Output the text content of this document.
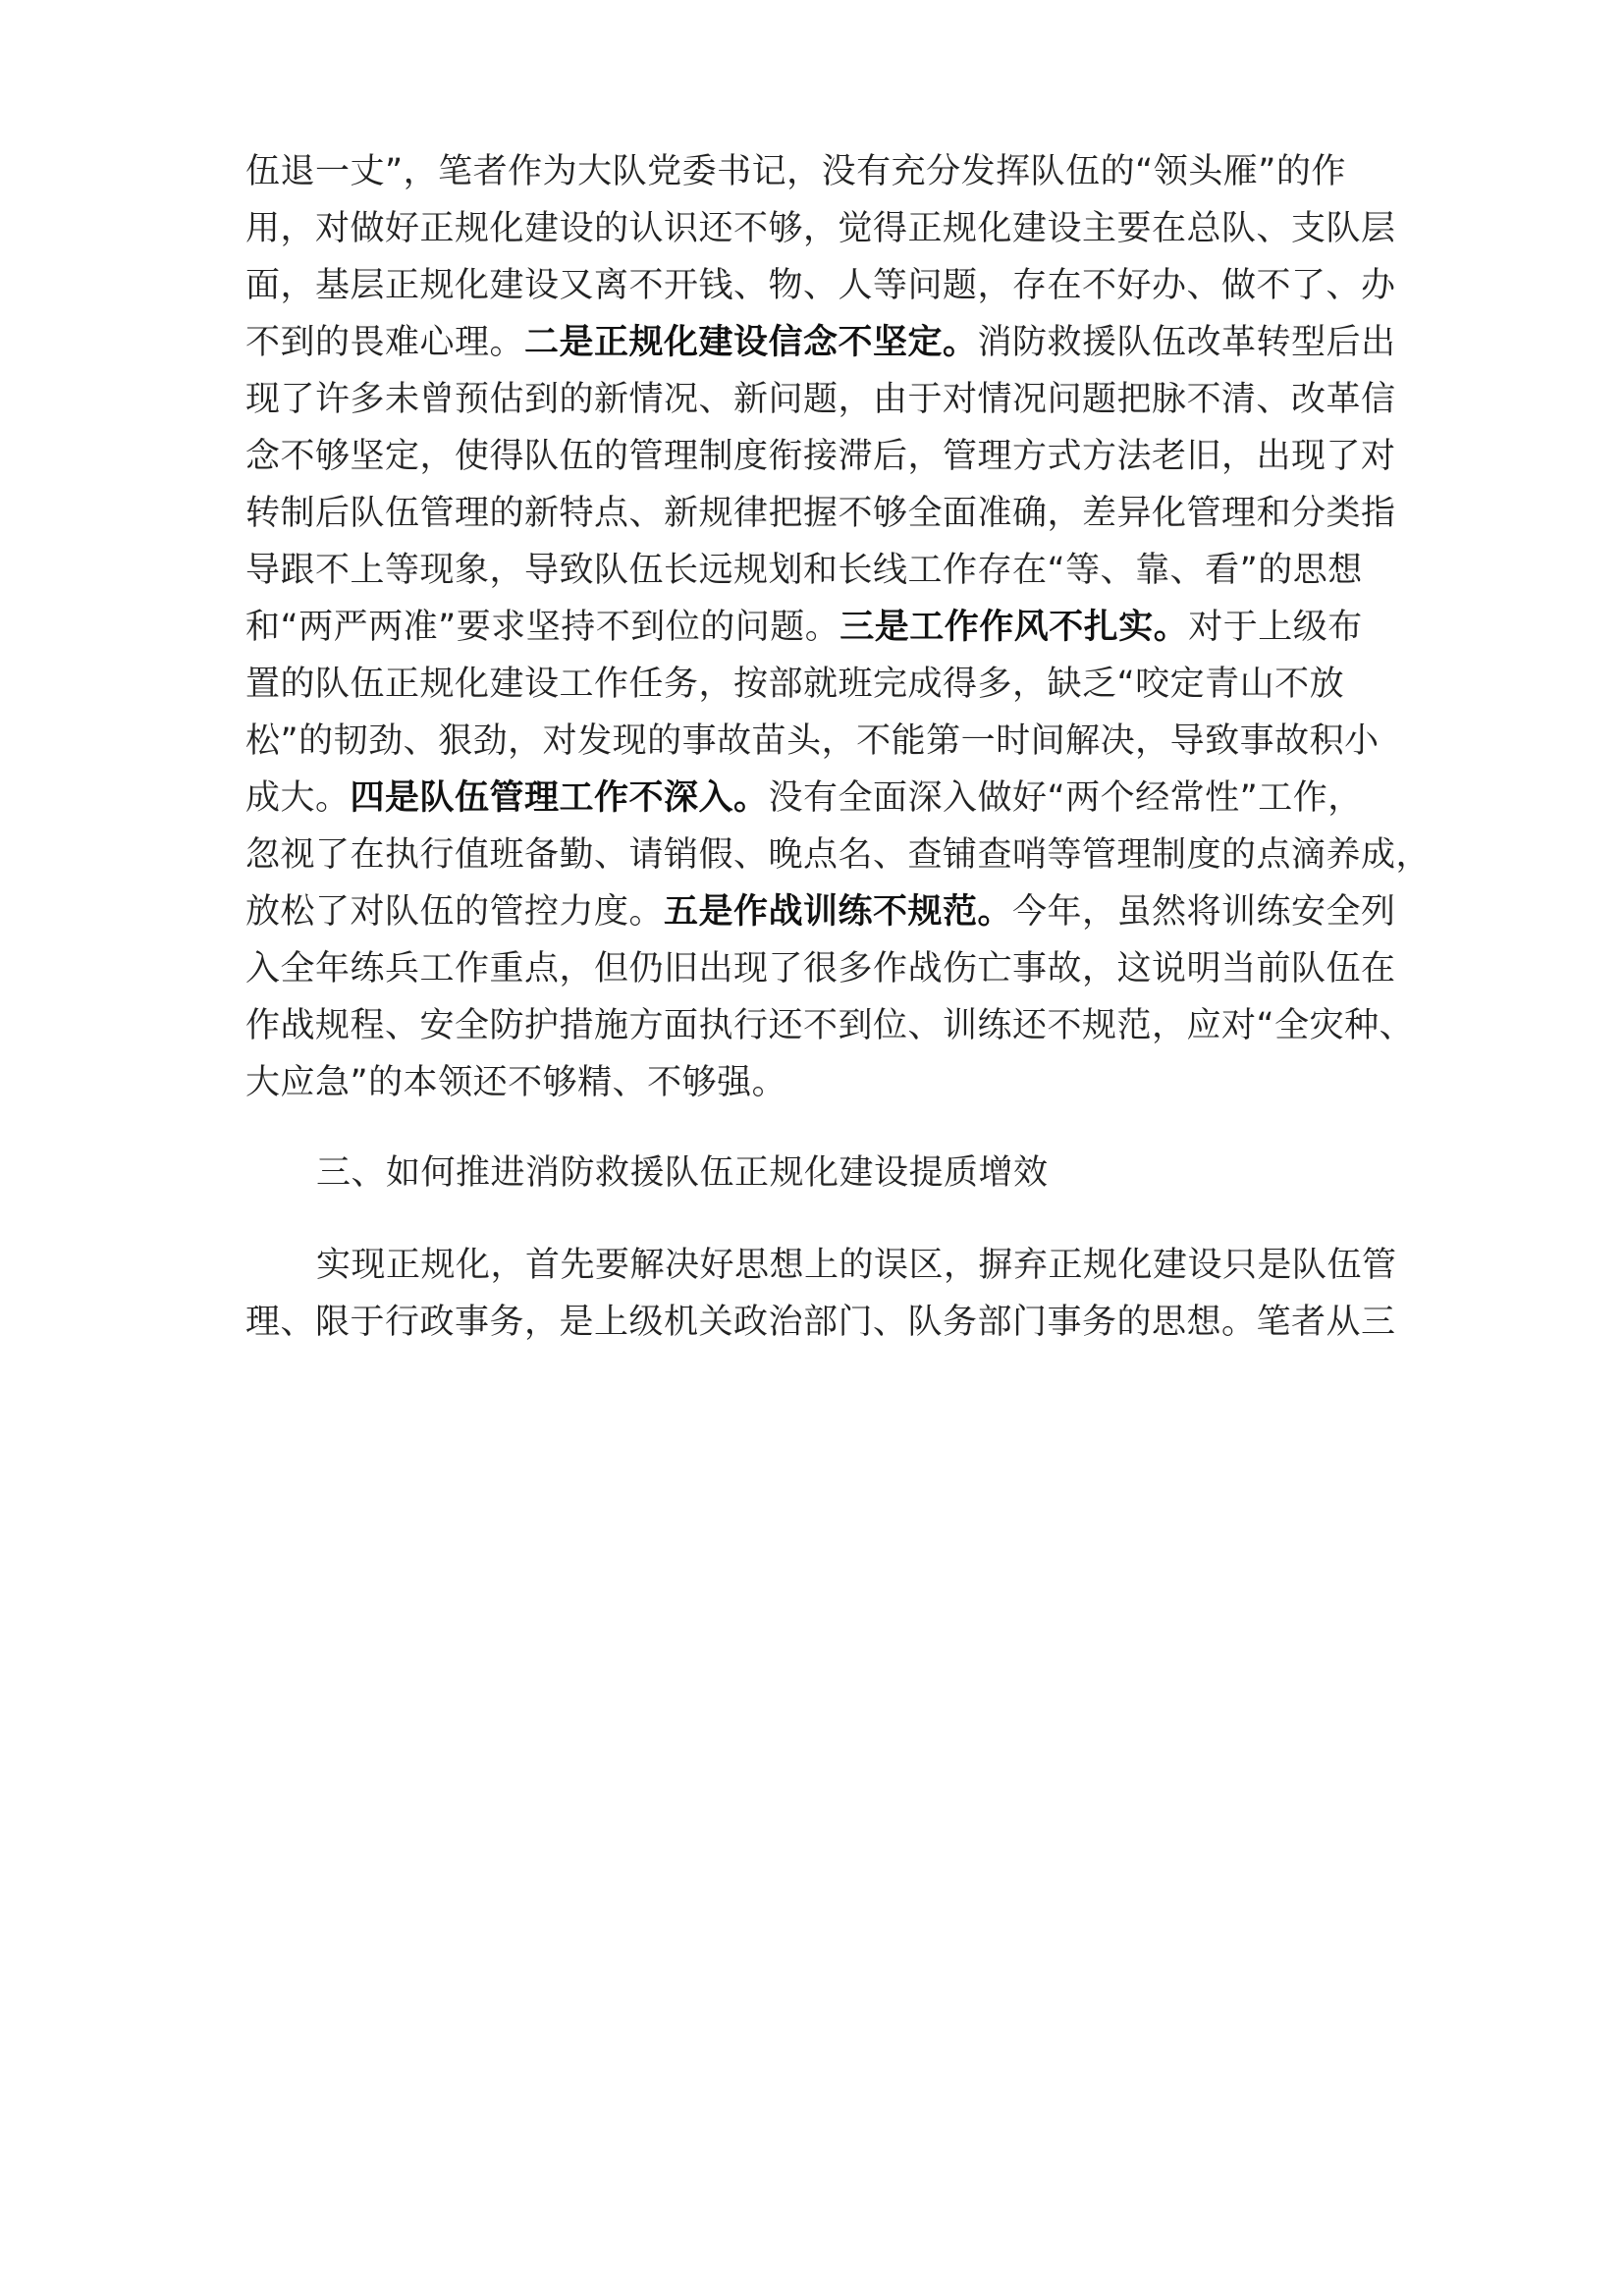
伍退一丈”，笔者作为大队党委书记，没有充分发挥队伍的“领头雁”的作
用，对做好正规化建设的认识还不够，觉得正规化建设主要在总队、支队层
面，基层正规化建设又离不开钱、物、人等问题，存在不好办、做不了、办
不到的畏难心理。二是正规化建设信念不坚定。消防救援队伍改革转型后出
现了许多未曾预估到的新情况、新问题，由于对情况问题把脉不清、改革信
念不够坚定，使得队伍的管理制度衔接滞后，管理方式方法老旧，出现了对
转制后队伍管理的新特点、新规律把握不够全面准确，差异化管理和分类指
导跟不上等现象，导致队伍长远规划和长线工作存在“等、靠、看”的思想
和“两严两准”要求坚持不到位的问题。三是工作作风不扎实。对于上级布
置的队伍正规化建设工作任务，按部就班完成得多，缺乏“咬定青山不放
松”的韧劲、狠劲，对发现的事故苗头，不能第一时间解决，导致事故积小
成大。四是队伍管理工作不深入。没有全面深入做好“两个经常性”工作，
忽视了在执行值班备勤、请销假、晚点名、查铺查哨等管理制度的点滴养成，
放松了对队伍的管控力度。五是作战训练不规范。今年，虽然将训练安全列
入全年练兵工作重点，但仍旧出现了很多作战伤亡事故，这说明当前队伍在
作战规程、安全防护措施方面执行还不到位、训练还不规范，应对“全灾种、
大应急”的本领还不够精、不够强。
三、如何推进消防救援队伍正规化建设提质增效
实现正规化，首先要解决好思想上的误区，摒弃正规化建设只是队伍管
理、限于行政事务，是上级机关政治部门、队务部门事务的思想。笔者从三
